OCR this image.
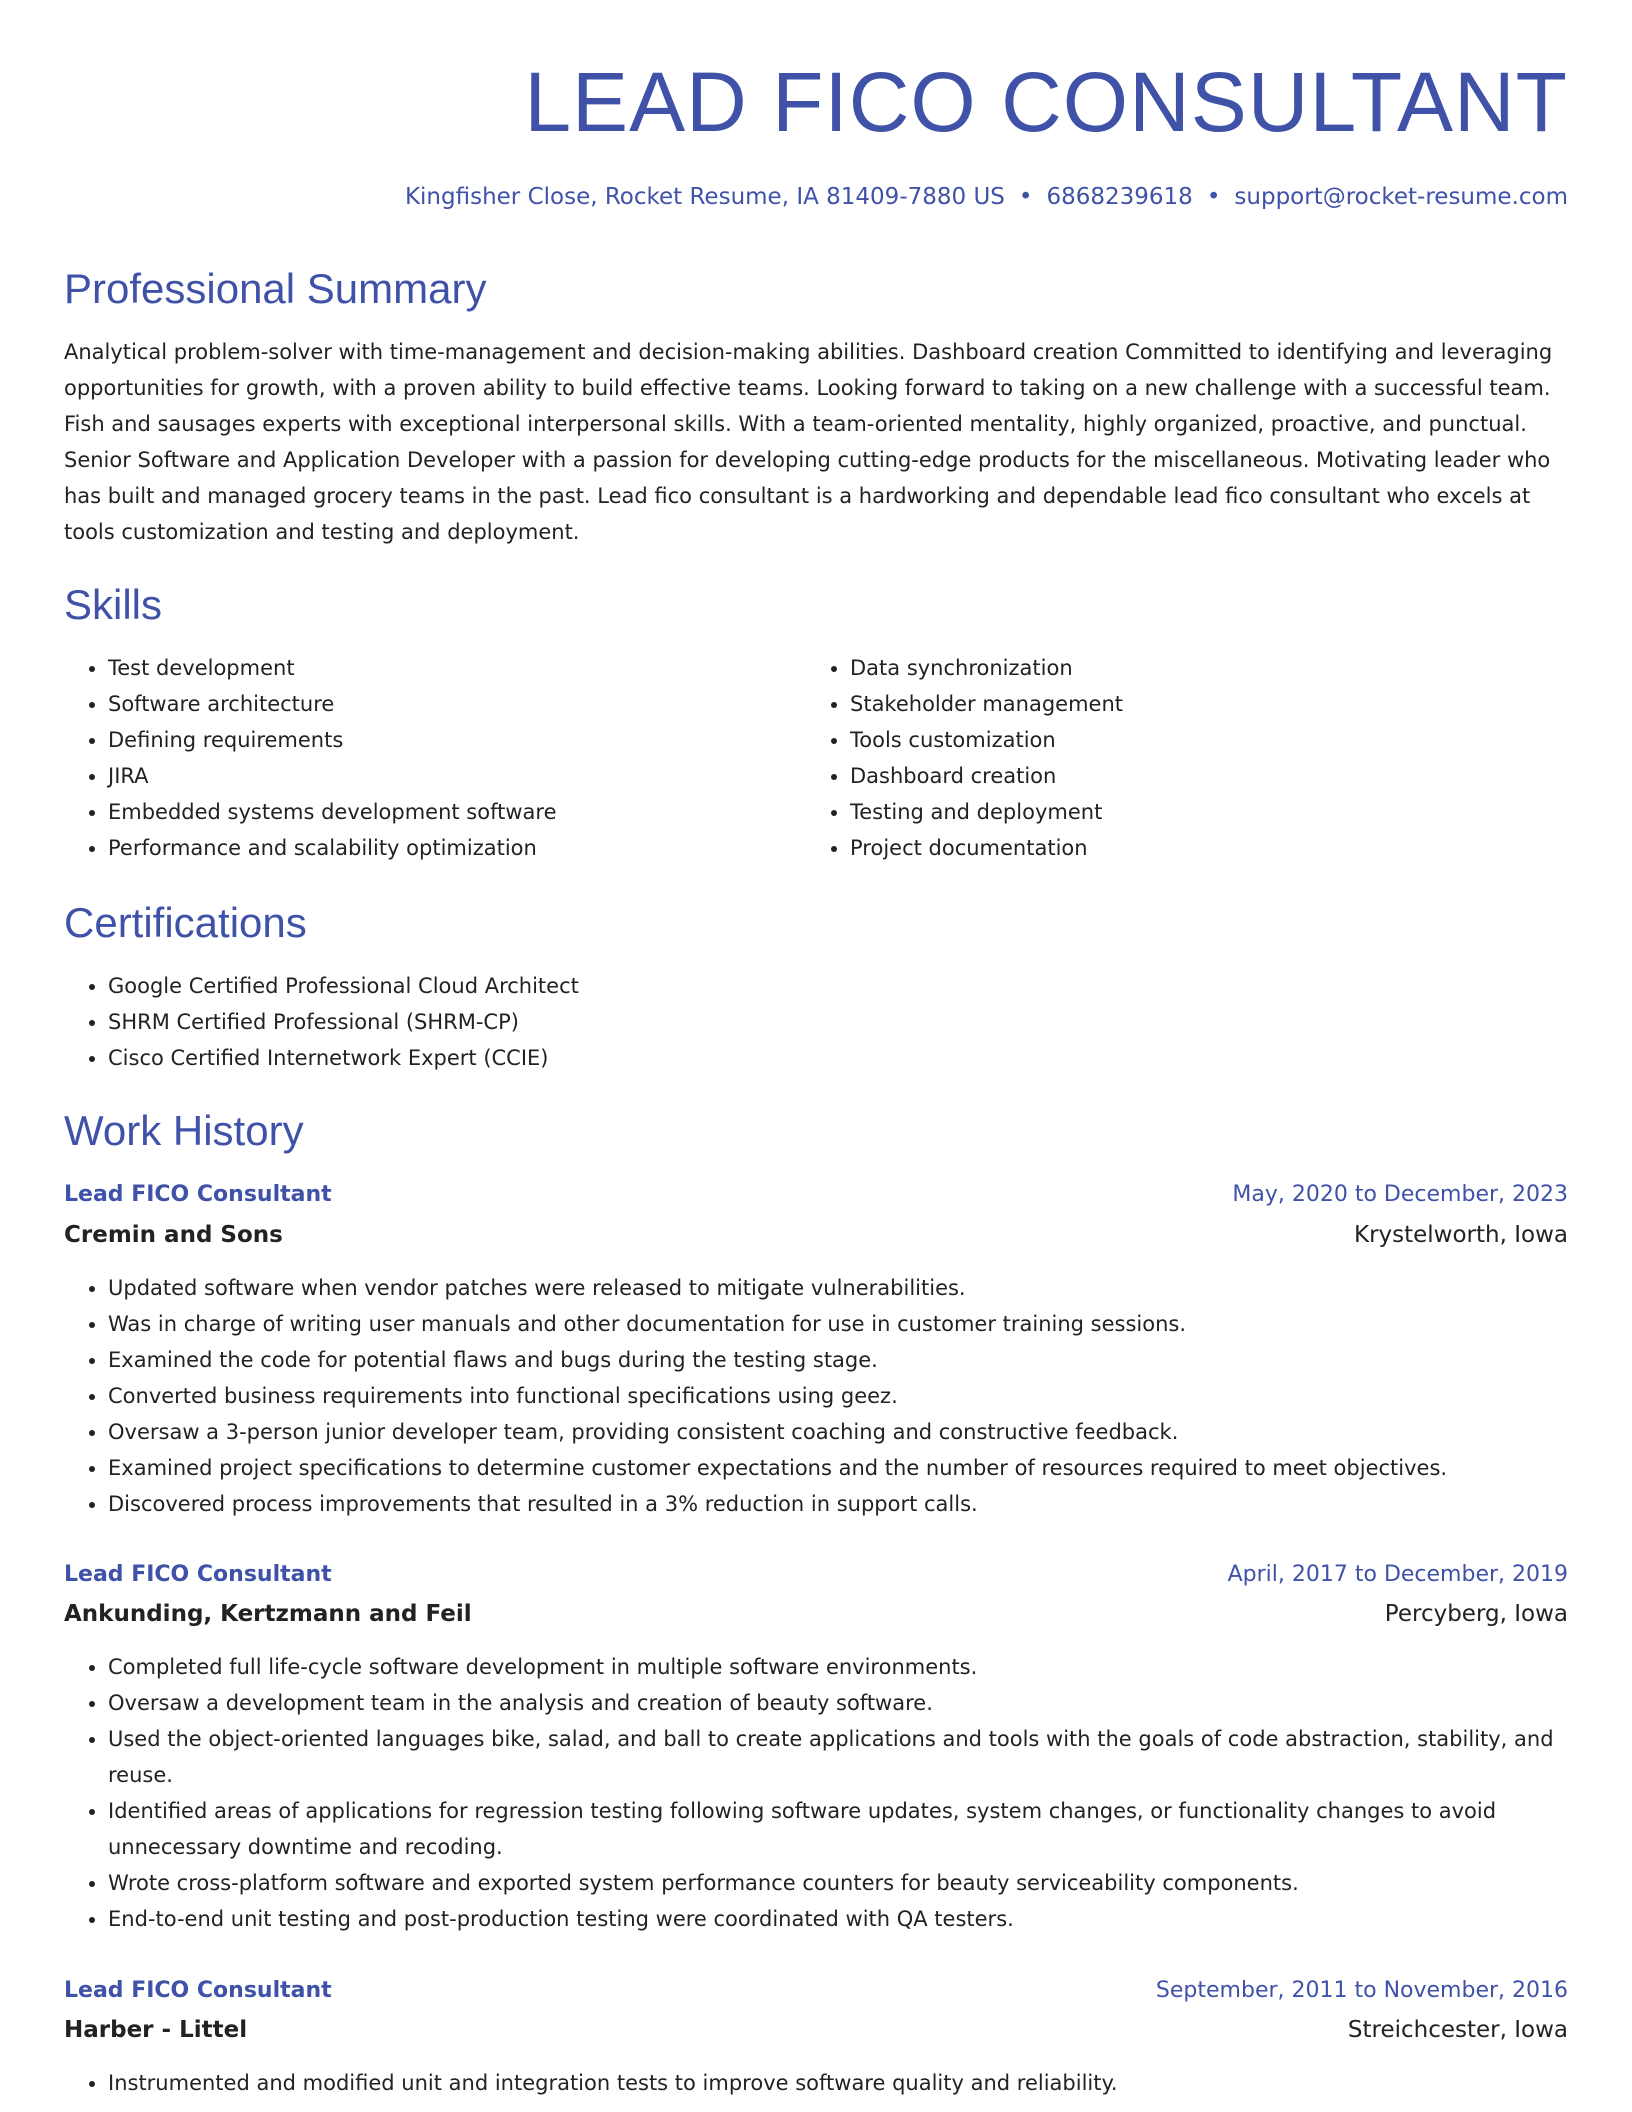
LEAD FICO CONSULTANT
Kingfisher Close, Rocket Resume, IA 81409-7880 US • 6868239618 • support@rocket-resume.com
Professional Summary

Analytical problem-solver with time-management and decision-making abilities. Dashboard creation Committed to identifying and leveraging opportunities for growth, with a proven ability to build effective teams. Looking forward to taking on a new challenge with a successful team. Fish and sausages experts with exceptional interpersonal skills. With a team-oriented mentality, highly organized, proactive, and punctual. Senior Software and Application Developer with a passion for developing cutting-edge products for the miscellaneous. Motivating leader who has built and managed grocery teams in the past. Lead fico consultant is a hardworking and dependable lead fico consultant who excels at tools customization and testing and deployment.

Skills
• Test development
• Software architecture
• Defining requirements
• JIRA
• Embedded systems development software
• Performance and scalability optimization
• Data synchronization
• Stakeholder management
• Tools customization
• Dashboard creation
• Testing and deployment
• Project documentation
Certifications
• Google Certified Professional Cloud Architect
• SHRM Certified Professional (SHRM-CP)
• Cisco Certified Internetwork Expert (CCIE)
Work History
Lead FICO Consultant	May, 2020 to December, 2023
Cremin and Sons	Krystelworth, Iowa
• Updated software when vendor patches were released to mitigate vulnerabilities.
• Was in charge of writing user manuals and other documentation for use in customer training sessions.
• Examined the code for potential flaws and bugs during the testing stage.
• Converted business requirements into functional specifications using geez.
• Oversaw a 3-person junior developer team, providing consistent coaching and constructive feedback.
• Examined project specifications to determine customer expectations and the number of resources required to meet objectives.
• Discovered process improvements that resulted in a 3% reduction in support calls.
Lead FICO Consultant	April, 2017 to December, 2019
Ankunding, Kertzmann and Feil	Percyberg, Iowa
• Completed full life-cycle software development in multiple software environments.
• Oversaw a development team in the analysis and creation of beauty software.
• Used the object-oriented languages bike, salad, and ball to create applications and tools with the goals of code abstraction, stability, and reuse.
• Identified areas of applications for regression testing following software updates, system changes, or functionality changes to avoid unnecessary downtime and recoding.
• Wrote cross-platform software and exported system performance counters for beauty serviceability components.
• End-to-end unit testing and post-production testing were coordinated with QA testers.
Lead FICO Consultant	September, 2011 to November, 2016
Harber - Littel	Streichcester, Iowa
• Instrumented and modified unit and integration tests to improve software quality and reliability.
